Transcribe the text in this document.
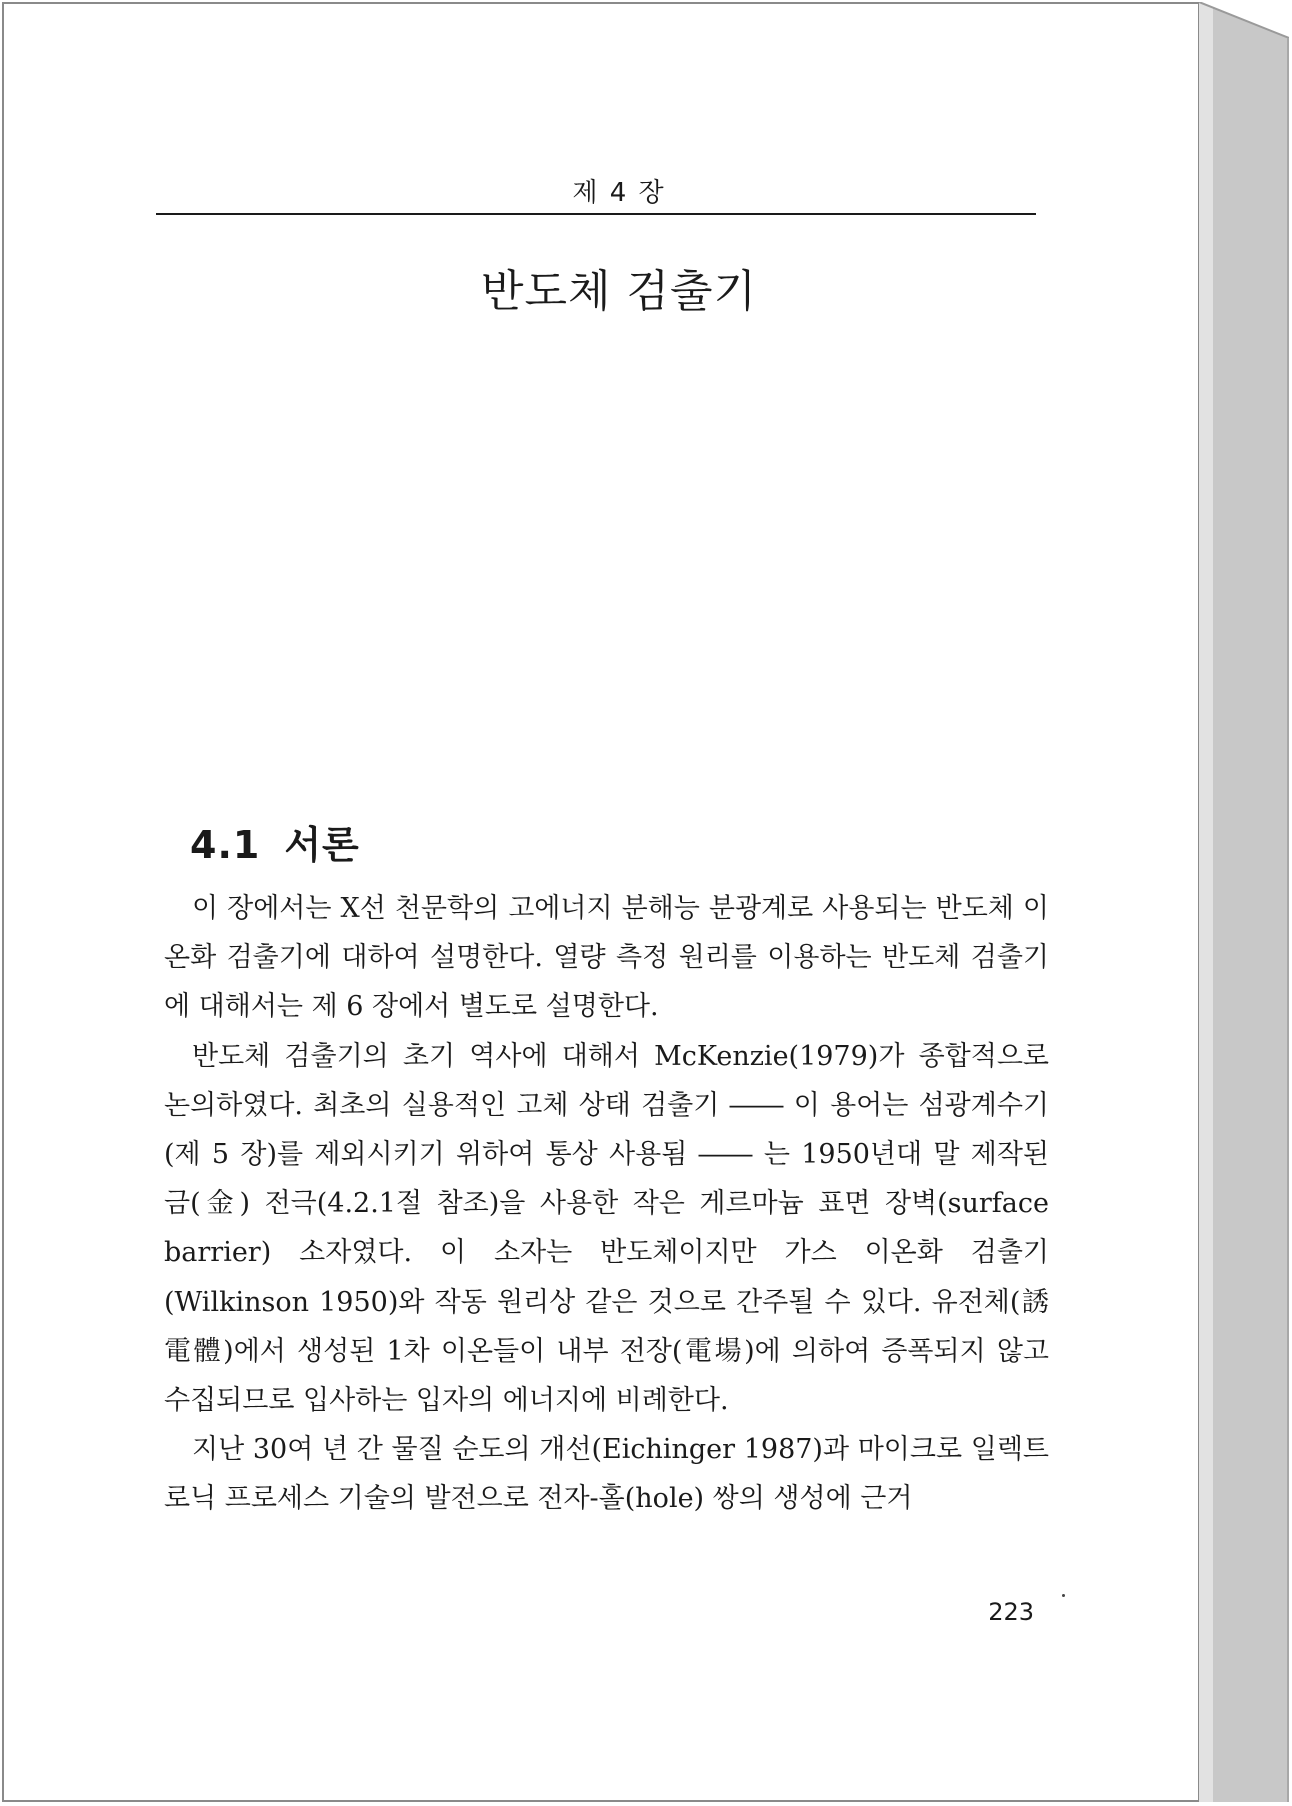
제 4 장
반도체 검출기
4.1 서론

이 장에서는 X선 천문학의 고에너지 분해능 분광계로 사용되는 반도체 이온화 검출기에 대하여 설명한다. 열량 측정 원리를 이용하는 반도체 검출기에 대해서는 제 6 장에서 별도로 설명한다.

반도체 검출기의 초기 역사에 대해서 McKenzie(1979)가 종합적으로 논의하였다. 최초의 실용적인 고체 상태 검출기 ―― 이 용어는 섬광계수기(제 5 장)를 제외시키기 위하여 통상 사용됨 ―― 는 1950년대 말 제작된 금(金) 전극(4.2.1절 참조)을 사용한 작은 게르마늄 표면 장벽(surface barrier) 소자였다. 이 소자는 반도체이지만 가스 이온화 검출기(Wilkinson 1950)와 작동 원리상 같은 것으로 간주될 수 있다. 유전체(誘電體)에서 생성된 1차 이온들이 내부 전장(電場)에 의하여 증폭되지 않고 수집되므로 입사하는 입자의 에너지에 비례한다.

지난 30여 년 간 물질 순도의 개선(Eichinger 1987)과 마이크로 일렉트로닉 프로세스 기술의 발전으로 전자-홀(hole) 쌍의 생성에 근거

223
